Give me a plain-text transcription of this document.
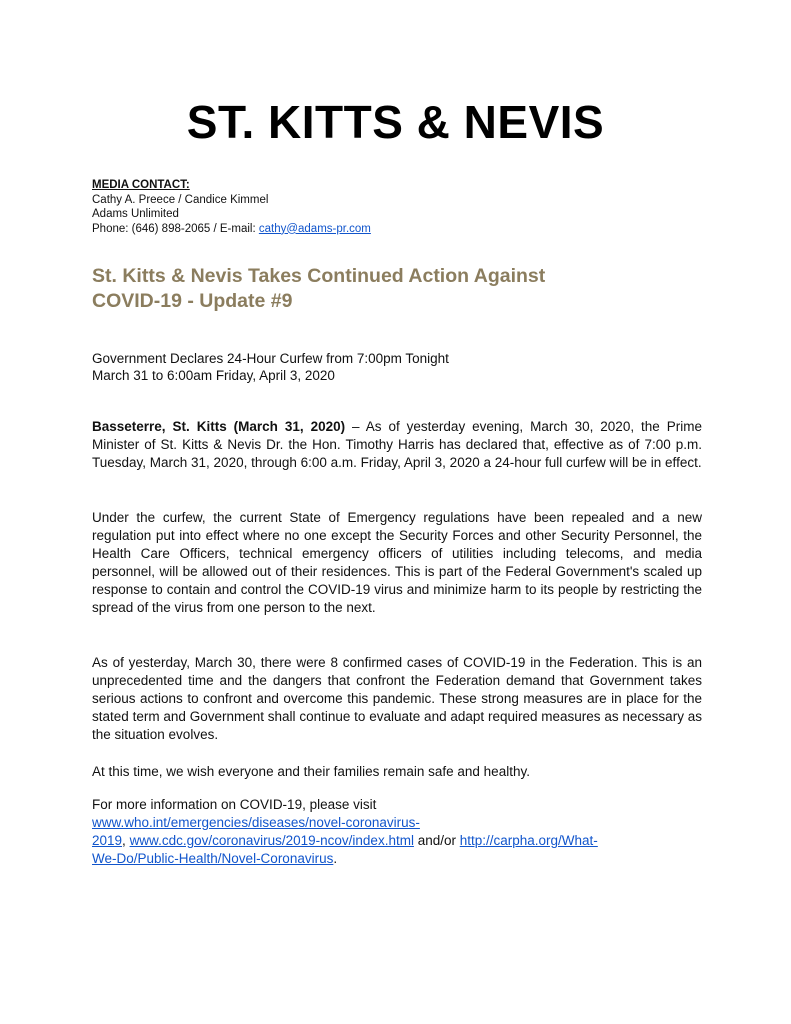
ST. KITTS & NEVIS
MEDIA CONTACT:
Cathy A. Preece / Candice Kimmel
Adams Unlimited
Phone: (646) 898-2065 / E-mail: cathy@adams-pr.com
St. Kitts & Nevis Takes Continued Action Against
COVID-19 - Update #9
Government Declares 24-Hour Curfew from 7:00pm Tonight
March 31 to 6:00am Friday, April 3, 2020
Basseterre, St. Kitts (March 31, 2020) – As of yesterday evening, March 30, 2020, the Prime Minister of St. Kitts & Nevis Dr. the Hon. Timothy Harris has declared that, effective as of 7:00 p.m. Tuesday, March 31, 2020, through 6:00 a.m. Friday, April 3, 2020 a 24-hour full curfew will be in effect.
Under the curfew, the current State of Emergency regulations have been repealed and a new regulation put into effect where no one except the Security Forces and other Security Personnel, the Health Care Officers, technical emergency officers of utilities including telecoms, and media personnel, will be allowed out of their residences. This is part of the Federal Government's scaled up response to contain and control the COVID-19 virus and minimize harm to its people by restricting the spread of the virus from one person to the next.
As of yesterday, March 30, there were 8 confirmed cases of COVID-19 in the Federation. This is an unprecedented time and the dangers that confront the Federation demand that Government takes serious actions to confront and overcome this pandemic. These strong measures are in place for the stated term and Government shall continue to evaluate and adapt required measures as necessary as the situation evolves.
At this time, we wish everyone and their families remain safe and healthy.
For more information on COVID-19, please visit
www.who.int/emergencies/diseases/novel-coronavirus-
2019, www.cdc.gov/coronavirus/2019-ncov/index.html and/or http://carpha.org/What-
We-Do/Public-Health/Novel-Coronavirus.
